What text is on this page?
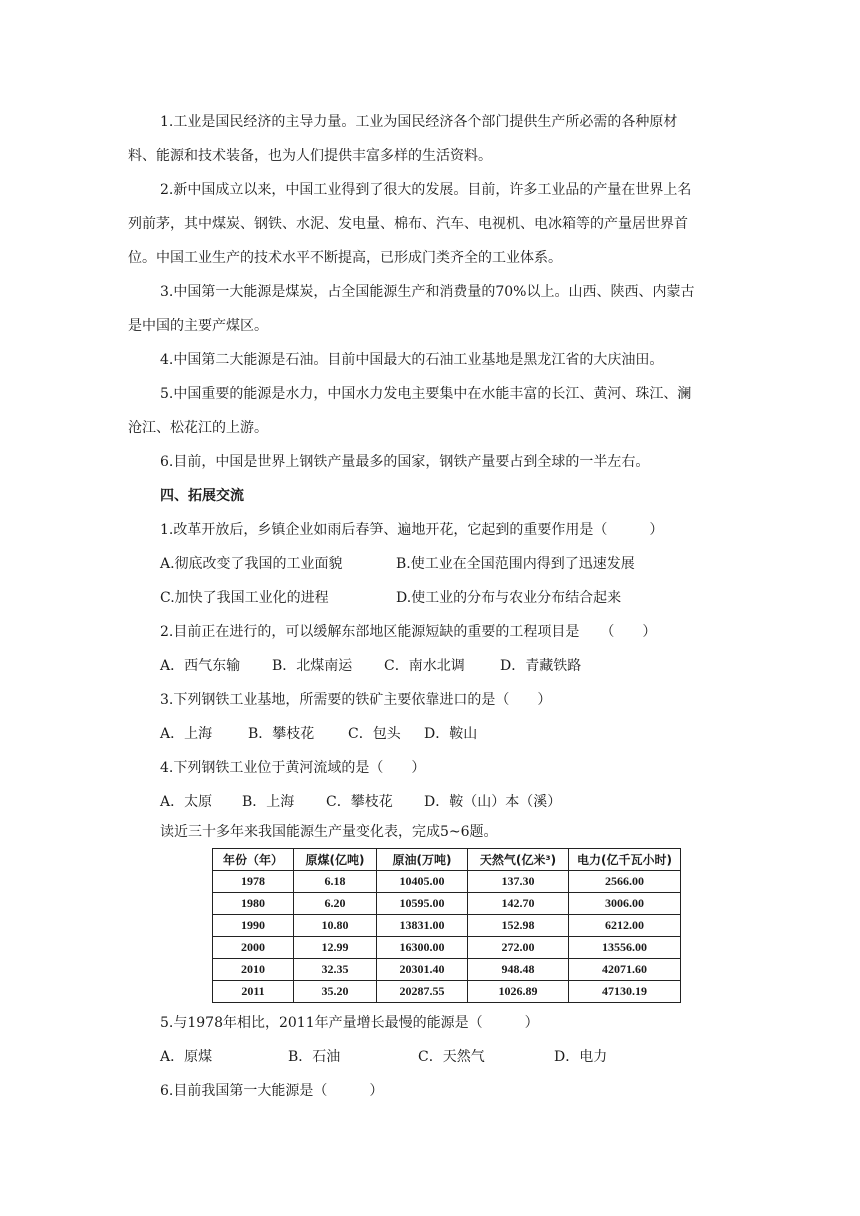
1.工业是国民经济的主导力量。工业为国民经济各个部门提供生产所必需的各种原材
料、能源和技术装备，也为人们提供丰富多样的生活资料。

2.新中国成立以来，中国工业得到了很大的发展。目前，许多工业品的产量在世界上名
列前茅，其中煤炭、钢铁、水泥、发电量、棉布、汽车、电视机、电冰箱等的产量居世界首
位。中国工业生产的技术水平不断提高，已形成门类齐全的工业体系。

3.中国第一大能源是煤炭，占全国能源生产和消费量的70%以上。山西、陕西、内蒙古
是中国的主要产煤区。

4.中国第二大能源是石油。目前中国最大的石油工业基地是黑龙江省的大庆油田。

5.中国重要的能源是水力，中国水力发电主要集中在水能丰富的长江、黄河、珠江、澜
沧江、松花江的上游。

6.目前，中国是世界上钢铁产量最多的国家，钢铁产量要占到全球的一半左右。

四、拓展交流

1.改革开放后，乡镇企业如雨后春笋、遍地开花，它起到的重要作用是（　　　）

A.彻底改变了我国的工业面貌	B.使工业在全国范围内得到了迅速发展
C.加快了我国工业化的进程	D.使工业的分布与农业分布结合起来

2.目前正在进行的，可以缓解东部地区能源短缺的重要的工程项目是　　（　　）

A．西气东输 B．北煤南运 C．南水北调	D．青藏铁路

3.下列钢铁工业基地，所需要的铁矿主要依靠进口的是（　　）

A．上海	B．攀枝花 C．包头 D．鞍山

4.下列钢铁工业位于黄河流域的是（　　）

A．太原 B．上海 C．攀枝花 D．鞍（山）本（溪）

读近三十多年来我国能源生产量变化表，完成5~6题。

年份（年）	原煤(亿吨)	原油(万吨)	天然气(亿米³)	电力(亿千瓦小时)
1978	6.18	10405.00	137.30	2566.00
1980	6.20	10595.00	142.70	3006.00
1990	10.80	13831.00	152.98	6212.00
2000	12.99	16300.00	272.00	13556.00
2010	32.35	20301.40	948.48	42071.60
2011	35.20	20287.55	1026.89	47130.19

5.与1978年相比，2011年产量增长最慢的能源是（　　　）

A．原煤	B．石油	C．天然气	D．电力

6.目前我国第一大能源是（　　　）
